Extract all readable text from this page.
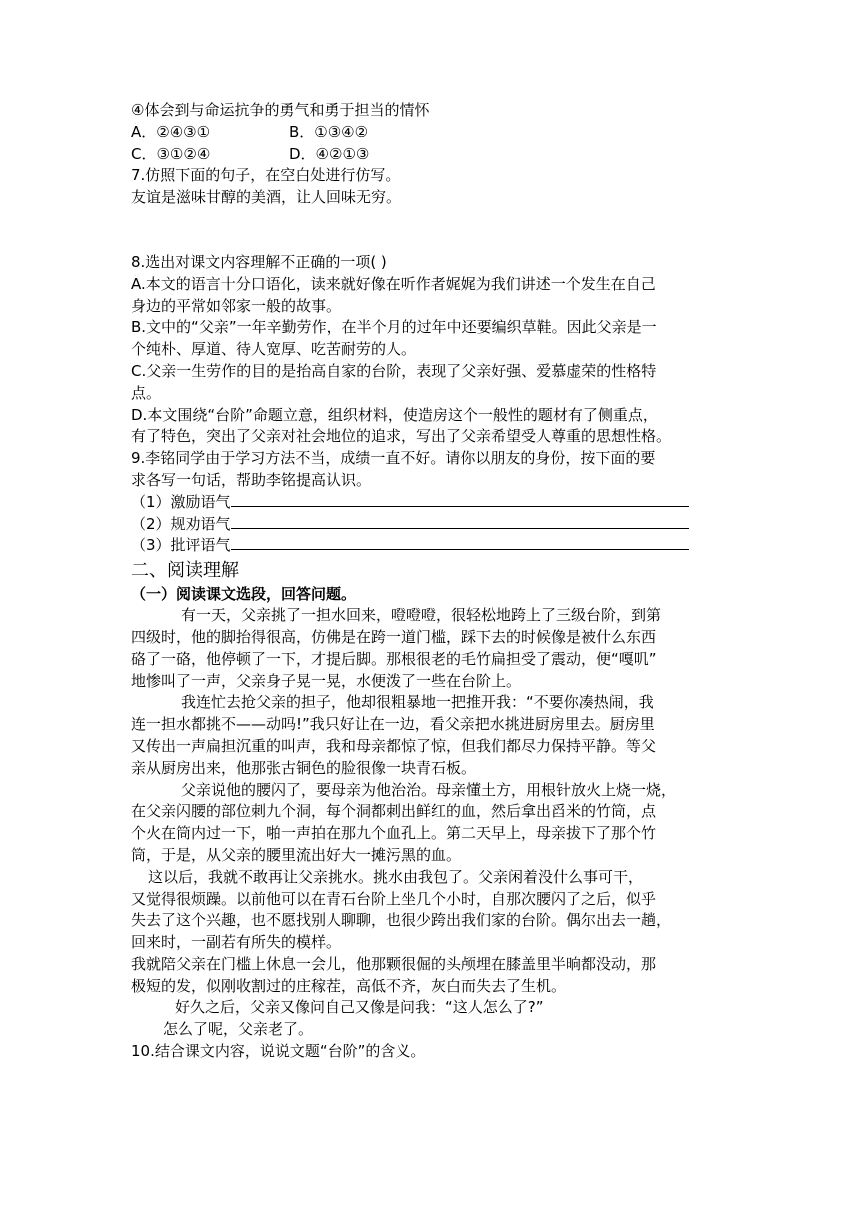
④体会到与命运抗争的勇气和勇于担当的情怀

A．②④③①	B．①③④②

C．③①②④	D．④②①③

7.仿照下面的句子，在空白处进行仿写。

友谊是滋味甘醇的美酒，让人回味无穷。

8.选出对课文内容理解不正确的一项( )

A.本文的语言十分口语化，读来就好像在听作者娓娓为我们讲述一个发生在自己

身边的平常如邻家一般的故事。

B.文中的“父亲”一年辛勤劳作，在半个月的过年中还要编织草鞋。因此父亲是一

个纯朴、厚道、待人宽厚、吃苦耐劳的人。

C.父亲一生劳作的目的是抬高自家的台阶，表现了父亲好强、爱慕虚荣的性格特

点。

D.本文围绕“台阶”命题立意，组织材料，使造房这个一般性的题材有了侧重点，

有了特色，突出了父亲对社会地位的追求，写出了父亲希望受人尊重的思想性格。

9.李铭同学由于学习方法不当，成绩一直不好。请你以朋友的身份，按下面的要

求各写一句话，帮助李铭提高认识。

（1）激励语气

（2）规劝语气

（3）批评语气

二、阅读理解

（一）阅读课文选段，回答问题。

有一天，父亲挑了一担水回来，噔噔噔，很轻松地跨上了三级台阶，到第

四级时，他的脚抬得很高，仿佛是在跨一道门槛，踩下去的时候像是被什么东西

硌了一硌，他停顿了一下，才提后脚。那根很老的毛竹扁担受了震动，便“嘎叽”

地惨叫了一声，父亲身子晃一晃，水便泼了一些在台阶上。

我连忙去抢父亲的担子，他却很粗暴地一把推开我：“不要你凑热闹，我

连一担水都挑不——动吗!”我只好让在一边，看父亲把水挑进厨房里去。厨房里

又传出一声扁担沉重的叫声，我和母亲都惊了惊，但我们都尽力保持平静。等父

亲从厨房出来，他那张古铜色的脸很像一块青石板。

父亲说他的腰闪了，要母亲为他治治。母亲懂土方，用根针放火上烧一烧，

在父亲闪腰的部位刺九个洞，每个洞都刺出鲜红的血，然后拿出舀米的竹筒，点

个火在筒内过一下，啪一声拍在那九个血孔上。第二天早上，母亲拔下了那个竹

筒，于是，从父亲的腰里流出好大一摊污黑的血。

这以后，我就不敢再让父亲挑水。挑水由我包了。父亲闲着没什么事可干，

又觉得很烦躁。以前他可以在青石台阶上坐几个小时，自那次腰闪了之后，似乎

失去了这个兴趣，也不愿找别人聊聊，也很少跨出我们家的台阶。偶尔出去一趟，

回来时，一副若有所失的模样。

我就陪父亲在门槛上休息一会儿，他那颗很倔的头颅埋在膝盖里半晌都没动，那

极短的发，似刚收割过的庄稼茬，高低不齐，灰白而失去了生机。

好久之后，父亲又像问自己又像是问我：“这人怎么了?”

怎么了呢，父亲老了。

10.结合课文内容，说说文题“台阶”的含义。
